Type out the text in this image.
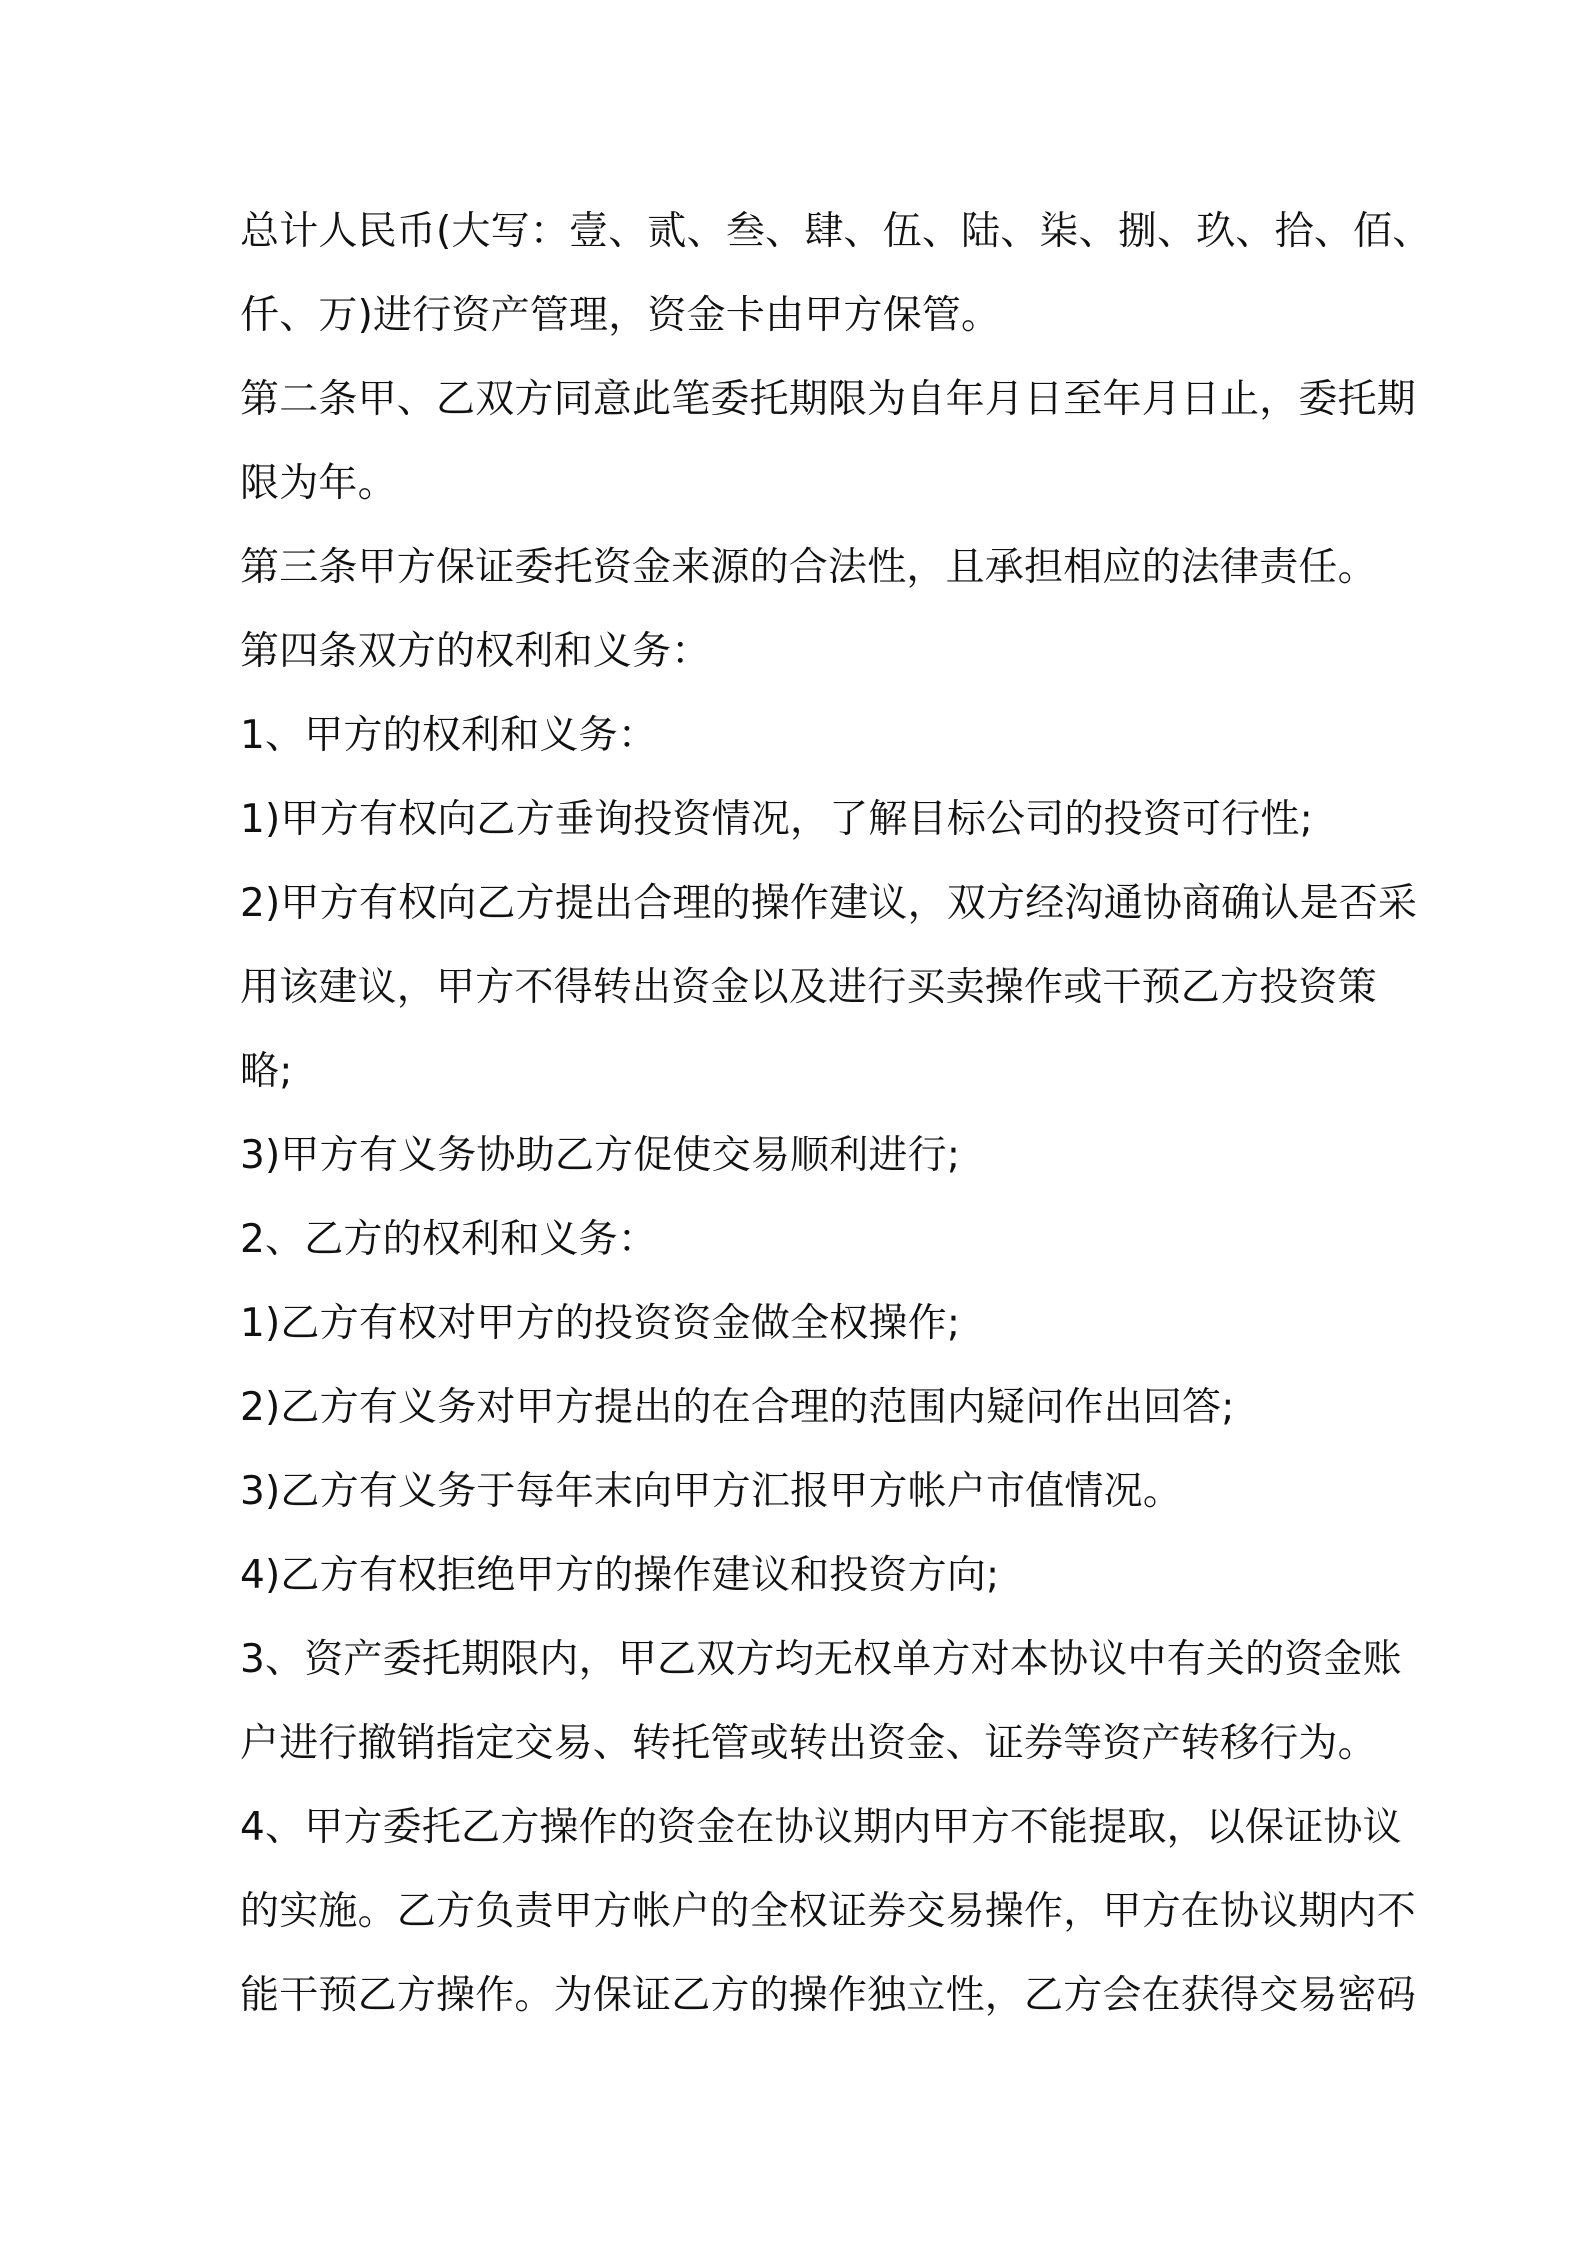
总计人民币(大写：壹、贰、叁、肆、伍、陆、柒、捌、玖、拾、佰、
仟、万)进行资产管理，资金卡由甲方保管。
第二条甲、乙双方同意此笔委托期限为自年月日至年月日止，委托期
限为年。
第三条甲方保证委托资金来源的合法性，且承担相应的法律责任。
第四条双方的权利和义务：
1、甲方的权利和义务：
1)甲方有权向乙方垂询投资情况，了解目标公司的投资可行性;
2)甲方有权向乙方提出合理的操作建议，双方经沟通协商确认是否采
用该建议，甲方不得转出资金以及进行买卖操作或干预乙方投资策
略;
3)甲方有义务协助乙方促使交易顺利进行;
2、乙方的权利和义务：
1)乙方有权对甲方的投资资金做全权操作;
2)乙方有义务对甲方提出的在合理的范围内疑问作出回答;
3)乙方有义务于每年末向甲方汇报甲方帐户市值情况。
4)乙方有权拒绝甲方的操作建议和投资方向;
3、资产委托期限内，甲乙双方均无权单方对本协议中有关的资金账
户进行撤销指定交易、转托管或转出资金、证券等资产转移行为。
4、甲方委托乙方操作的资金在协议期内甲方不能提取，以保证协议
的实施。乙方负责甲方帐户的全权证券交易操作，甲方在协议期内不
能干预乙方操作。为保证乙方的操作独立性，乙方会在获得交易密码
